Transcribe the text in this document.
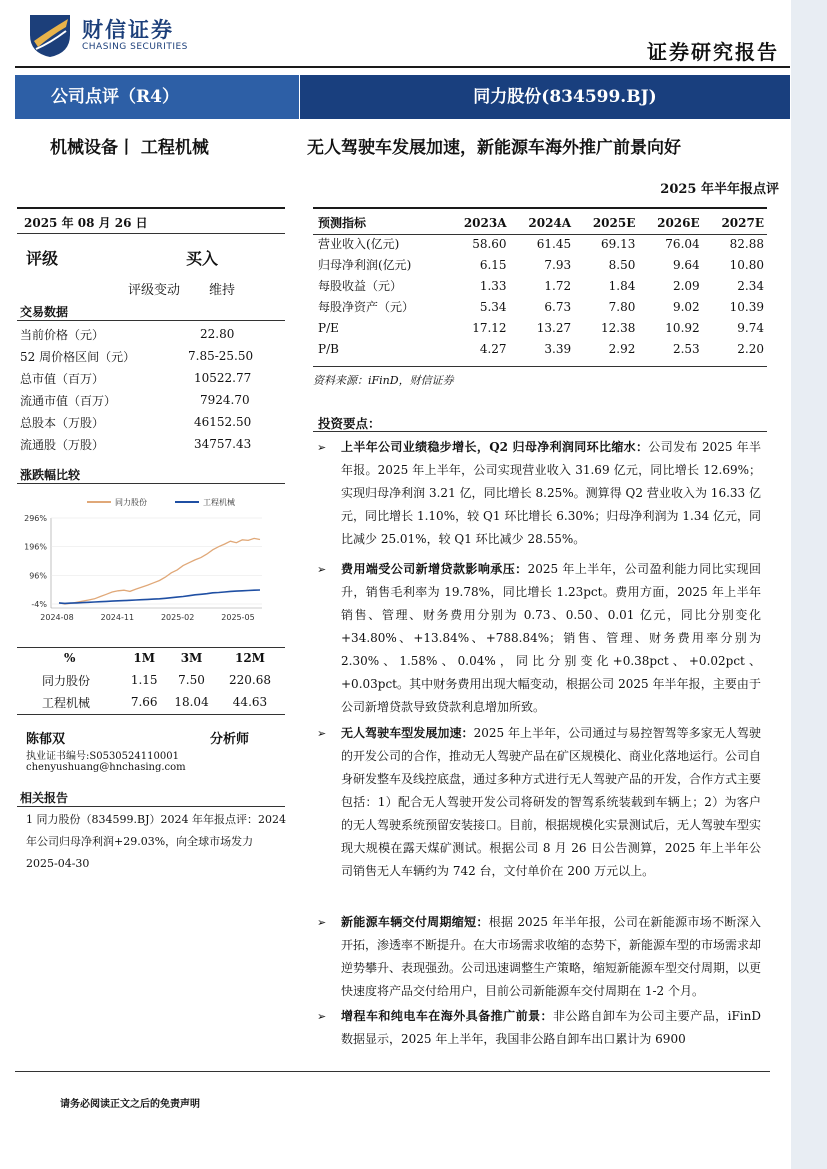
财信证券
CHASING SECURITIES	证券研究报告
公司点评（R4）	同力股份(834599.BJ)
机械设备丨 工程机械	无人驾驶车发展加速，新能源车海外推广前景向好
2025 年半年报点评
2025 年 08 月 26 日
评级	买入
评级变动 维持
交易数据
当前价格（元）	22.80
52 周价格区间（元）	7.85-25.50
总市值（百万）	10522.77
流通市值（百万）	7924.70
总股本（万股）	46152.50
流通股（万股）	34757.43
涨跌幅比较
同力股份	工程机械
296%
196%
96%
-4%
2024-08	2024-11	2025-02	2025-05
%	1M	3M	12M
同力股份	1.15	7.50	220.68
工程机械	7.66	18.04	44.63
陈郁双	分析师
执业证书编号:S0530524110001
chenyushuang@hnchasing.com
相关报告
1 同力股份（834599.BJ）2024 年年报点评：2024 年公司归母净利润+29.03%，向全球市场发力 2025-04-30
预测指标	2023A	2024A	2025E	2026E	2027E
营业收入(亿元)	58.60	61.45	69.13	76.04	82.88
归母净利润(亿元)	6.15	7.93	8.50	9.64	10.80
每股收益（元）	1.33	1.72	1.84	2.09	2.34
每股净资产（元）	5.34	6.73	7.80	9.02	10.39
P/E	17.12	13.27	12.38	10.92	9.74
P/B	4.27	3.39	2.92	2.53	2.20
资料来源：iFinD，财信证券
投资要点：
➢ 上半年公司业绩稳步增长，Q2 归母净利润同环比缩水：公司发布 2025 年半年报。2025 年上半年，公司实现营业收入 31.69 亿元，同比增长 12.69%；实现归母净利润 3.21 亿，同比增长 8.25%。测算得 Q2 营业收入为 16.33 亿元，同比增长 1.10%，较 Q1 环比增长 6.30%；归母净利润为 1.34 亿元，同比减少 25.01%，较 Q1 环比减少 28.55%。
➢ 费用端受公司新增贷款影响承压：2025 年上半年，公司盈利能力同比实现回升，销售毛利率为 19.78%，同比增长 1.23pct。费用方面，2025 年上半年销售、管理、财务费用分别为 0.73、0.50、0.01 亿元，同比分别变化+34.80%、+13.84%、+788.84%；销售、管理、财务费用率分别为 2.30%、1.58%、0.04%，同比分别变化+0.38pct、+0.02pct、+0.03pct。其中财务费用出现大幅变动，根据公司 2025 年半年报，主要由于公司新增贷款导致贷款利息增加所致。
➢ 无人驾驶车型发展加速：2025 年上半年，公司通过与易控智驾等多家无人驾驶的开发公司的合作，推动无人驾驶产品在矿区规模化、商业化落地运行。公司自身研发整车及线控底盘，通过多种方式进行无人驾驶产品的开发，合作方式主要包括：1）配合无人驾驶开发公司将研发的智驾系统装载到车辆上；2）为客户的无人驾驶系统预留安装接口。目前，根据规模化实景测试后，无人驾驶车型实现大规模在露天煤矿测试。根据公司 8 月 26 日公告测算，2025 年上半年公司销售无人车辆约为 742 台，文付单价在 200 万元以上。
➢ 新能源车辆交付周期缩短：根据 2025 年半年报，公司在新能源市场不断深入开拓，渗透率不断提升。在大市场需求收缩的态势下，新能源车型的市场需求却逆势攀升、表现强劲。公司迅速调整生产策略，缩短新能源车型交付周期，以更快速度将产品交付给用户，目前公司新能源车交付周期在 1-2 个月。
➢ 增程车和纯电车在海外具备推广前景：非公路自卸车为公司主要产品，iFinD 数据显示，2025 年上半年，我国非公路自卸车出口累计为 6900
请务必阅读正文之后的免责声明
